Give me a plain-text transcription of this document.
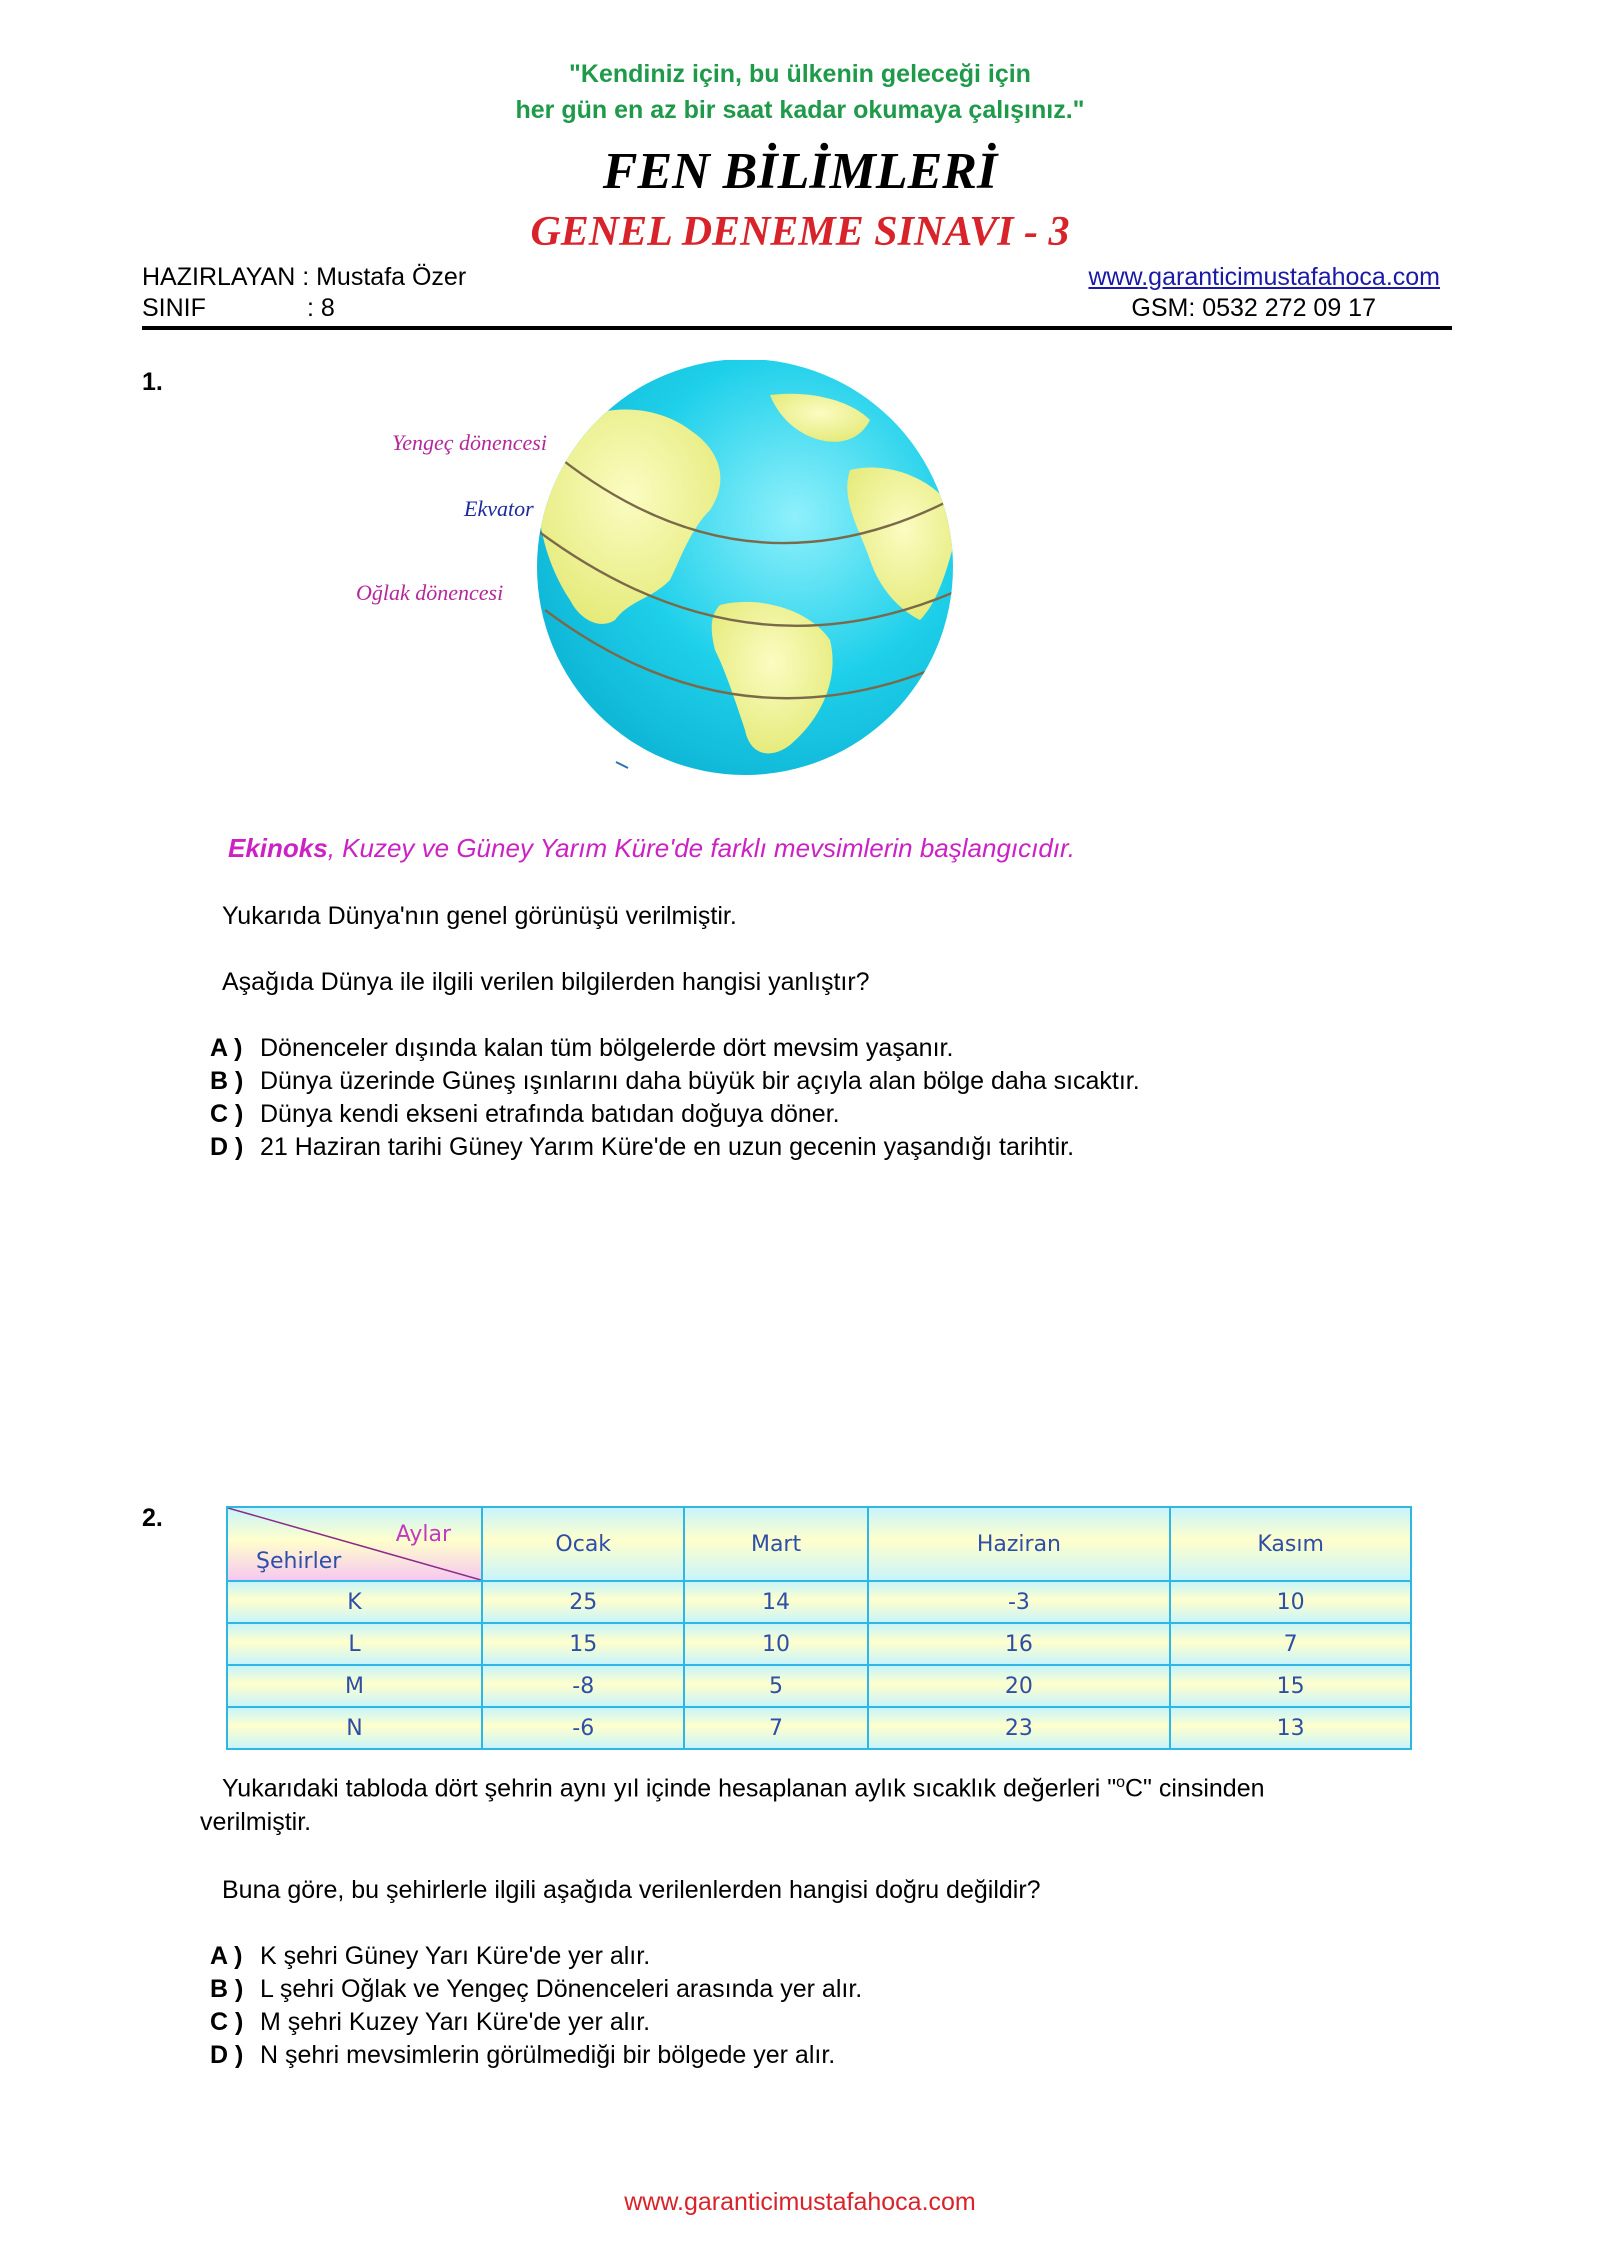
"Kendiniz için, bu ülkenin geleceği için
her gün en az bir saat kadar okumaya çalışınız."
FEN BİLİMLERİ
GENEL DENEME SINAVI - 3
HAZIRLAYAN : Mustafa Özer
SINIF	: 8
www.garanticimustafahoca.com
GSM: 0532 272 09 17
1.
Yengeç dönencesi
Ekvator
Oğlak dönencesi
Ekinoks, Kuzey ve Güney Yarım Küre'de farklı mevsimlerin başlangıcıdır.
Yukarıda Dünya'nın genel görünüşü verilmiştir.
Aşağıda Dünya ile ilgili verilen bilgilerden hangisi yanlıştır?
A ) Dönenceler dışında kalan tüm bölgelerde dört mevsim yaşanır.
B ) Dünya üzerinde Güneş ışınlarını daha büyük bir açıyla alan bölge daha sıcaktır.
C ) Dünya kendi ekseni etrafında batıdan doğuya döner.
D ) 21 Haziran tarihi Güney Yarım Küre'de en uzun gecenin yaşandığı tarihtir.
2.
Aylar
Şehirler	Ocak	Mart	Haziran	Kasım
K	25	14	-3	10
L	15	10	16	7
M	-8	5	20	15
N	-6	7	23	13
Yukarıdaki tabloda dört şehrin aynı yıl içinde hesaplanan aylık sıcaklık değerleri "$^o$C" cinsinden
verilmiştir.
Buna göre, bu şehirlerle ilgili aşağıda verilenlerden hangisi doğru değildir?
A ) K şehri Güney Yarı Küre'de yer alır.
B ) L şehri Oğlak ve Yengeç Dönenceleri arasında yer alır.
C ) M şehri Kuzey Yarı Küre'de yer alır.
D ) N şehri mevsimlerin görülmediği bir bölgede yer alır.
www.garanticimustafahoca.com
